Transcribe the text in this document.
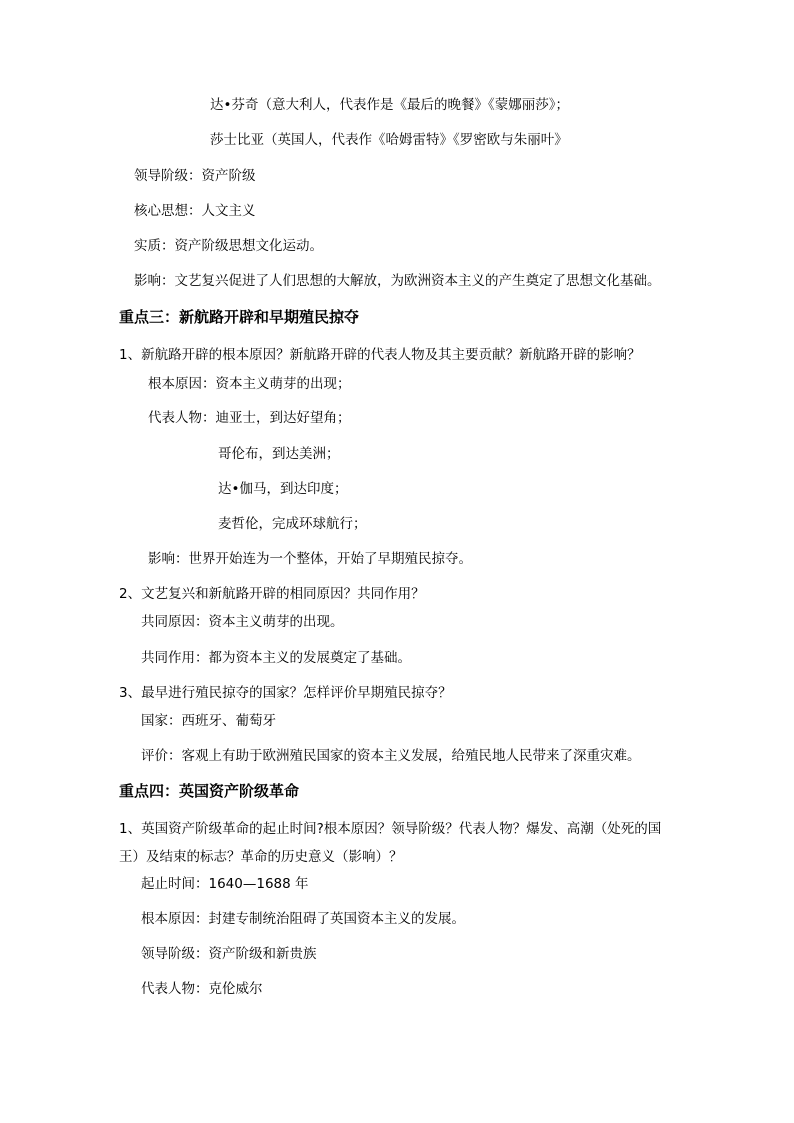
达•芬奇（意大利人，代表作是《最后的晚餐》《蒙娜丽莎》；
莎士比亚（英国人，代表作《哈姆雷特》《罗密欧与朱丽叶》
领导阶级：资产阶级
核心思想：人文主义
实质：资产阶级思想文化运动。
影响：文艺复兴促进了人们思想的大解放，为欧洲资本主义的产生奠定了思想文化基础。
重点三：新航路开辟和早期殖民掠夺
1、新航路开辟的根本原因？新航路开辟的代表人物及其主要贡献？新航路开辟的影响？
根本原因：资本主义萌芽的出现；
代表人物：迪亚士，到达好望角；
哥伦布，到达美洲；
达•伽马，到达印度；
麦哲伦，完成环球航行；
影响：世界开始连为一个整体，开始了早期殖民掠夺。
2、文艺复兴和新航路开辟的相同原因？共同作用？
共同原因：资本主义萌芽的出现。
共同作用：都为资本主义的发展奠定了基础。
3、最早进行殖民掠夺的国家？怎样评价早期殖民掠夺？
国家：西班牙、葡萄牙
评价：客观上有助于欧洲殖民国家的资本主义发展，给殖民地人民带来了深重灾难。
重点四：英国资产阶级革命
1、英国资产阶级革命的起止时间?根本原因？领导阶级？代表人物？爆发、高潮（处死的国
王）及结束的标志？革命的历史意义（影响）？
起止时间：1640—1688 年
根本原因：封建专制统治阻碍了英国资本主义的发展。
领导阶级：资产阶级和新贵族
代表人物：克伦威尔
